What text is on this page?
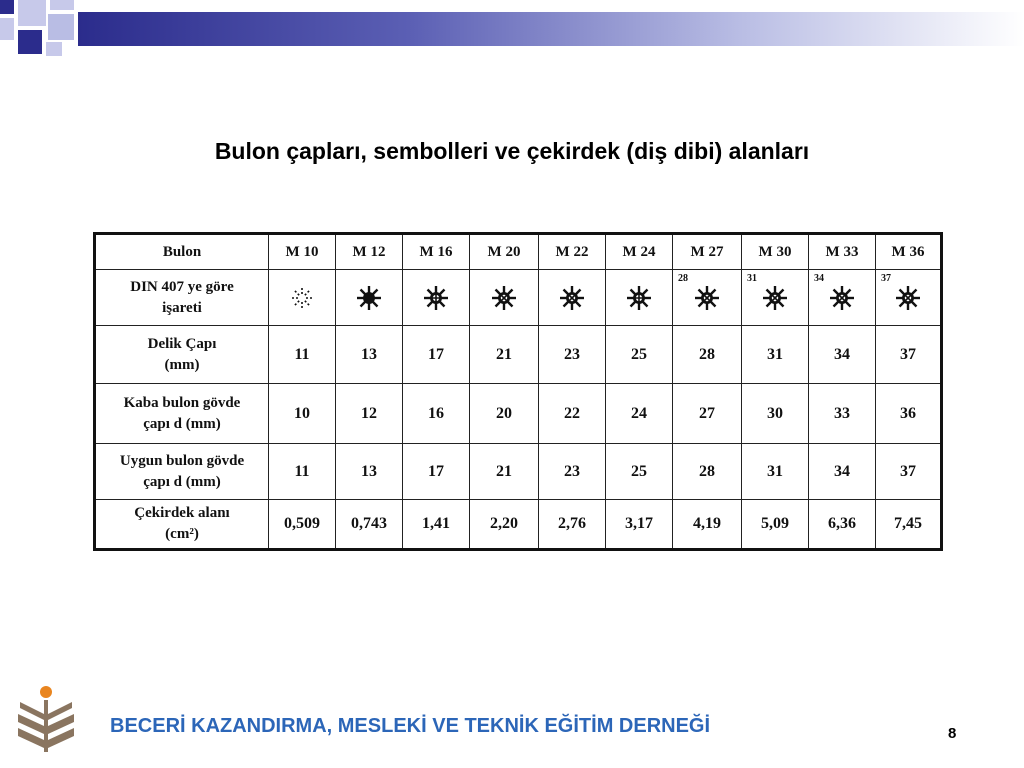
Bulon çapları, sembolleri ve çekirdek (diş dibi) alanları
Bulon	M 10	M 12	M 16	M 20	M 22	M 24	M 27	M 30	M 33	M 36

DIN 407 ye göre
işareti							28	31	34	37

Delik Çapı
(mm)	11	13	17	21	23	25	28	31	34	37

Kaba bulon gövde
çapı d (mm)	10	12	16	20	22	24	27	30	33	36

Uygun bulon gövde
çapı d (mm)	11	13	17	21	23	25	28	31	34	37

Çekirdek alanı
(cm²)	0,509	0,743	1,41	2,20	2,76	3,17	4,19	5,09	6,36	7,45
BECERİ KAZANDIRMA, MESLEKİ VE TEKNİK EĞİTİM DERNEĞİ	8
